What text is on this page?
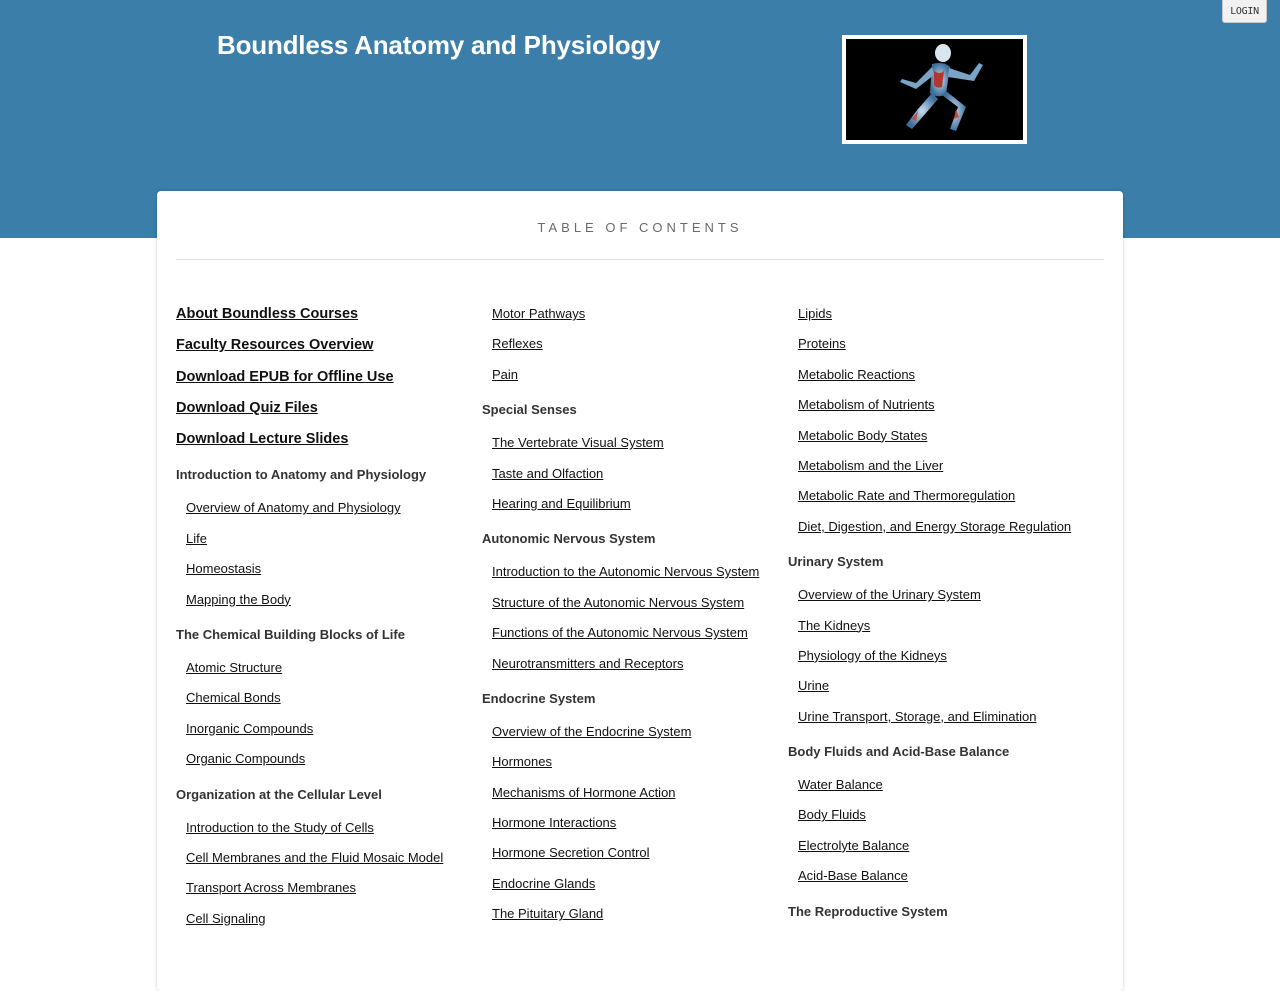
Boundless Anatomy and Physiology
LOGIN
TABLE OF CONTENTS
About Boundless Courses
Faculty Resources Overview
Download EPUB for Offline Use
Download Quiz Files
Download Lecture Slides
Introduction to Anatomy and Physiology
Overview of Anatomy and Physiology
Life
Homeostasis
Mapping the Body
The Chemical Building Blocks of Life
Atomic Structure
Chemical Bonds
Inorganic Compounds
Organic Compounds
Organization at the Cellular Level
Introduction to the Study of Cells
Cell Membranes and the Fluid Mosaic Model
Transport Across Membranes
Cell Signaling
Motor Pathways
Reflexes
Pain
Special Senses
The Vertebrate Visual System
Taste and Olfaction
Hearing and Equilibrium
Autonomic Nervous System
Introduction to the Autonomic Nervous System
Structure of the Autonomic Nervous System
Functions of the Autonomic Nervous System
Neurotransmitters and Receptors
Endocrine System
Overview of the Endocrine System
Hormones
Mechanisms of Hormone Action
Hormone Interactions
Hormone Secretion Control
Endocrine Glands
The Pituitary Gland
Lipids
Proteins
Metabolic Reactions
Metabolism of Nutrients
Metabolic Body States
Metabolism and the Liver
Metabolic Rate and Thermoregulation
Diet, Digestion, and Energy Storage Regulation
Urinary System
Overview of the Urinary System
The Kidneys
Physiology of the Kidneys
Urine
Urine Transport, Storage, and Elimination
Body Fluids and Acid-Base Balance
Water Balance
Body Fluids
Electrolyte Balance
Acid-Base Balance
The Reproductive System
